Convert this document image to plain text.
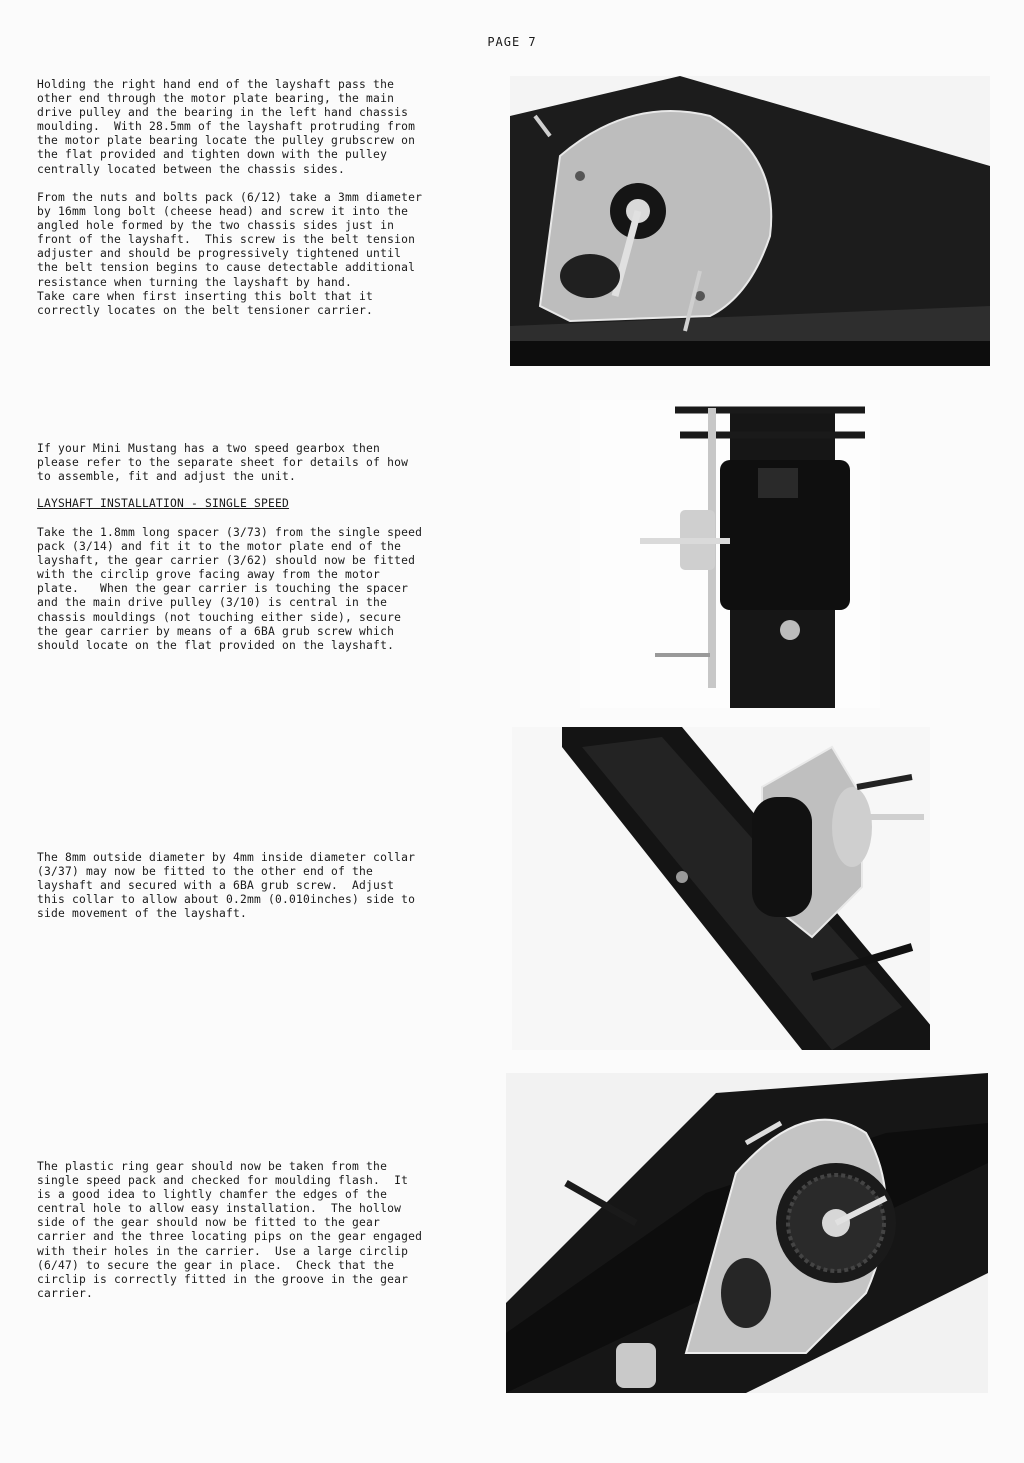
PAGE 7
Holding the right hand end of the layshaft pass the
other end through the motor plate bearing, the main
drive pulley and the bearing in the left hand chassis
moulding.  With 28.5mm of the layshaft protruding from
the motor plate bearing locate the pulley grubscrew on
the flat provided and tighten down with the pulley
centrally located between the chassis sides.
From the nuts and bolts pack (6/12) take a 3mm diameter
by 16mm long bolt (cheese head) and screw it into the
angled hole formed by the two chassis sides just in
front of the layshaft.  This screw is the belt tension
adjuster and should be progressively tightened until
the belt tension begins to cause detectable additional
resistance when turning the layshaft by hand.
Take care when first inserting this bolt that it
correctly locates on the belt tensioner carrier.
If your Mini Mustang has a two speed gearbox then
please refer to the separate sheet for details of how
to assemble, fit and adjust the unit.
LAYSHAFT INSTALLATION - SINGLE SPEED
Take the 1.8mm long spacer (3/73) from the single speed
pack (3/14) and fit it to the motor plate end of the
layshaft, the gear carrier (3/62) should now be fitted
with the circlip grove facing away from the motor
plate.   When the gear carrier is touching the spacer
and the main drive pulley (3/10) is central in the
chassis mouldings (not touching either side), secure
the gear carrier by means of a 6BA grub screw which
should locate on the flat provided on the layshaft.
The 8mm outside diameter by 4mm inside diameter collar
(3/37) may now be fitted to the other end of the
layshaft and secured with a 6BA grub screw.  Adjust
this collar to allow about 0.2mm (0.010inches) side to
side movement of the layshaft.
The plastic ring gear should now be taken from the
single speed pack and checked for moulding flash.  It
is a good idea to lightly chamfer the edges of the
central hole to allow easy installation.  The hollow
side of the gear should now be fitted to the gear
carrier and the three locating pips on the gear engaged
with their holes in the carrier.  Use a large circlip
(6/47) to secure the gear in place.  Check that the
circlip is correctly fitted in the groove in the gear
carrier.
